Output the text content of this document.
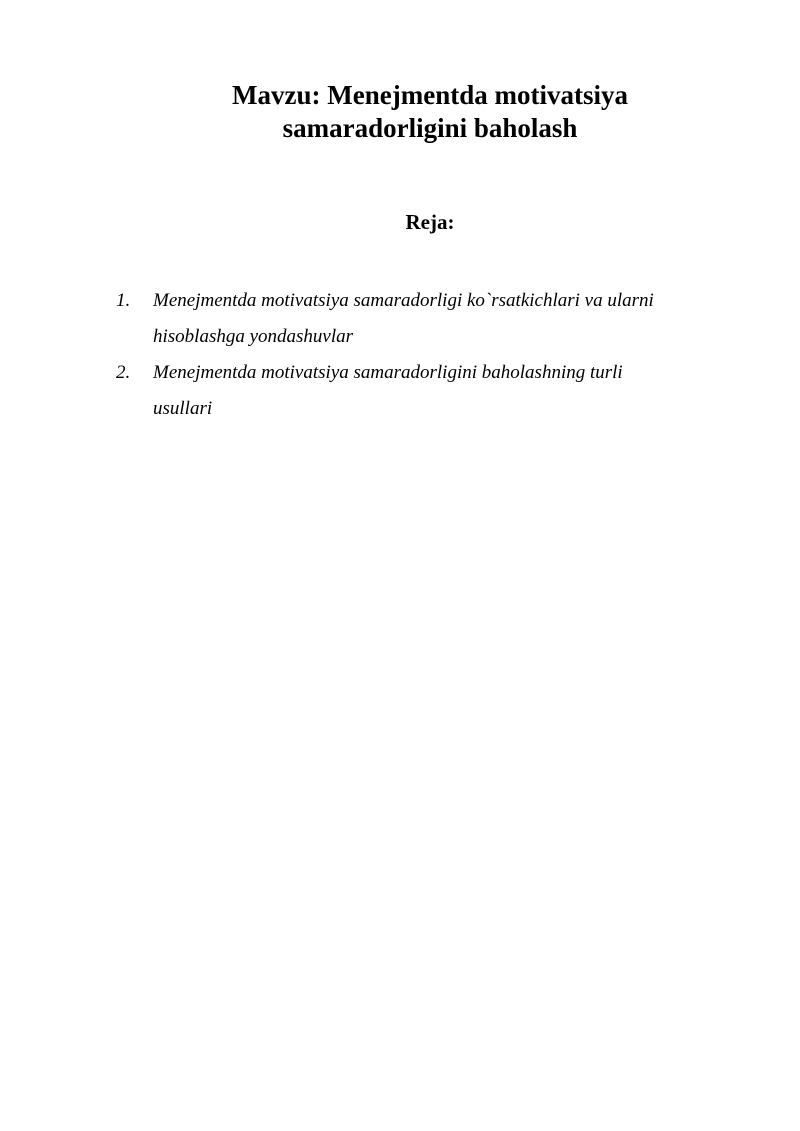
Mavzu: Menejmentda motivatsiya
samaradorligini baholash
Reja:
1.	Menejmentda motivatsiya samaradorligi ko`rsatkichlari va ularni
hisoblashga yondashuvlar
2.	Menejmentda motivatsiya samaradorligini baholashning turli
usullari
